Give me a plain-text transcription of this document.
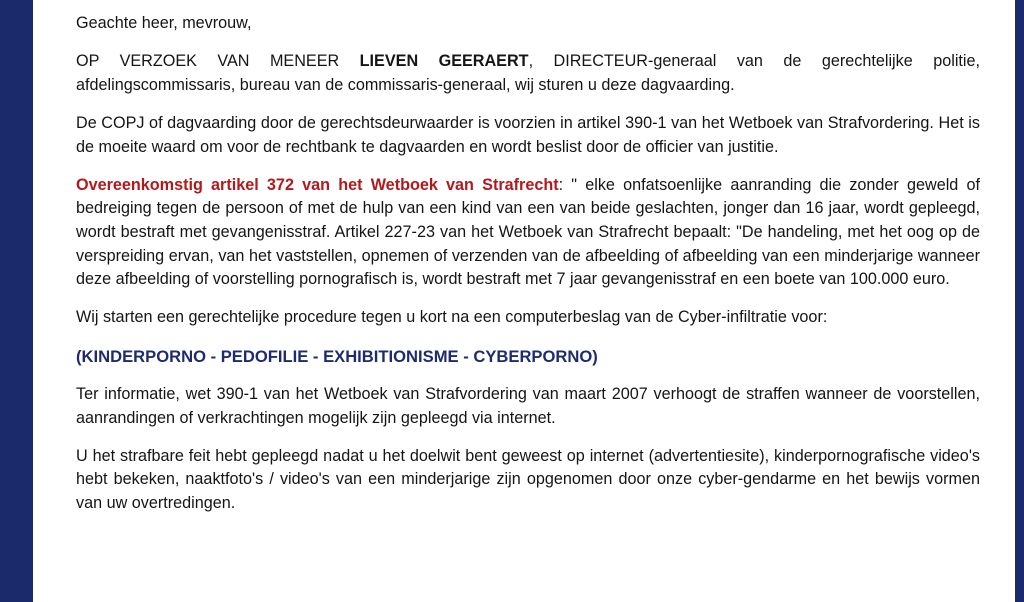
Geachte heer, mevrouw,

OP VERZOEK VAN MENEER LIEVEN GEERAERT, DIRECTEUR-generaal van de gerechtelijke politie, afdelingscommissaris, bureau van de commissaris-generaal, wij sturen u deze dagvaarding.

De COPJ of dagvaarding door de gerechtsdeurwaarder is voorzien in artikel 390-1 van het Wetboek van Strafvordering. Het is de moeite waard om voor de rechtbank te dagvaarden en wordt beslist door de officier van justitie.

Overeenkomstig artikel 372 van het Wetboek van Strafrecht: " elke onfatsoenlijke aanranding die zonder geweld of bedreiging tegen de persoon of met de hulp van een kind van een van beide geslachten, jonger dan 16 jaar, wordt gepleegd, wordt bestraft met gevangenisstraf. Artikel 227-23 van het Wetboek van Strafrecht bepaalt: "De handeling, met het oog op de verspreiding ervan, van het vaststellen, opnemen of verzenden van de afbeelding of afbeelding van een minderjarige wanneer deze afbeelding of voorstelling pornografisch is, wordt bestraft met 7 jaar gevangenisstraf en een boete van 100.000 euro.

Wij starten een gerechtelijke procedure tegen u kort na een computerbeslag van de Cyber-infiltratie voor:

(KINDERPORNO - PEDOFILIE - EXHIBITIONISME - CYBERPORNO)

Ter informatie, wet 390-1 van het Wetboek van Strafvordering van maart 2007 verhoogt de straffen wanneer de voorstellen, aanrandingen of verkrachtingen mogelijk zijn gepleegd via internet.

U het strafbare feit hebt gepleegd nadat u het doelwit bent geweest op internet (advertentiesite), kinderpornografische video's hebt bekeken, naaktfoto's / video's van een minderjarige zijn opgenomen door onze cyber-gendarme en het bewijs vormen van uw overtredingen.
